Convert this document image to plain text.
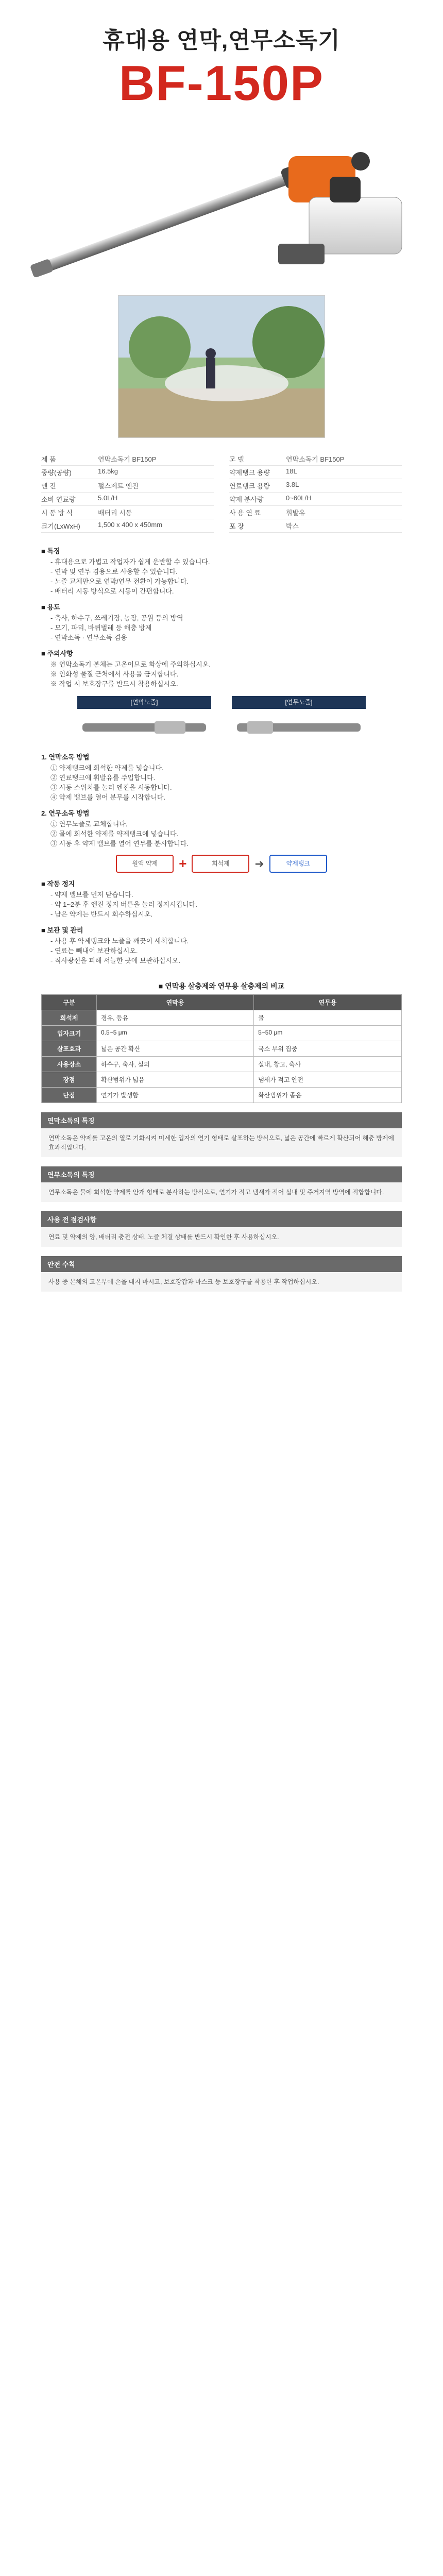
휴대용 연막,연무소독기
BF-150P
제 품	연막소독기 BF150P	모 델	연막소독기 BF150P
중량(공량)	16.5kg	약제탱크 용량	18L
엔 진	펄스제트 엔진	연료탱크 용량	3.8L
소비 연료량	5.0L/H	약제 분사량	0~60L/H
시 동 방 식	배터리 시동	사 용 연 료	휘발유
크기(LxWxH)	1,500 x 400 x 450mm	포 장	박스
■ 특징
- 휴대용으로 가볍고 작업자가 쉽게 운반할 수 있습니다.
- 연막 및 연무 겸용으로 사용할 수 있습니다.
- 노즐 교체만으로 연막/연무 전환이 가능합니다.
- 배터리 시동 방식으로 시동이 간편합니다.
■ 용도
- 축사, 하수구, 쓰레기장, 농장, 공원 등의 방역
- 모기, 파리, 바퀴벌레 등 해충 방제
- 연막소독 · 연무소독 겸용
■ 주의사항
※ 연막소독기 본체는 고온이므로 화상에 주의하십시오.
※ 인화성 물질 근처에서 사용을 금지합니다.
※ 작업 시 보호장구를 반드시 착용하십시오.
[연막노즐]	[연무노즐]
1. 연막소독 방법
① 약제탱크에 희석한 약제를 넣습니다.
② 연료탱크에 휘발유를 주입합니다.
③ 시동 스위치를 눌러 엔진을 시동합니다.
④ 약제 밸브를 열어 분무를 시작합니다.
2. 연무소독 방법
① 연무노즐로 교체합니다.
② 물에 희석한 약제를 약제탱크에 넣습니다.
③ 시동 후 약제 밸브를 열어 연무를 분사합니다.
원액 약제	+	희석제	➜	약제탱크
■ 작동 정지
- 약제 밸브를 먼저 닫습니다.
- 약 1~2분 후 엔진 정지 버튼을 눌러 정지시킵니다.
- 남은 약제는 반드시 회수하십시오.
■ 보관 및 관리
- 사용 후 약제탱크와 노즐을 깨끗이 세척합니다.
- 연료는 빼내어 보관하십시오.
- 직사광선을 피해 서늘한 곳에 보관하십시오.
■ 연막용 살충제와 연무용 살충제의 비교
구분	연막용	연무용
희석제	경유, 등유	물
입자크기	0.5~5 μm	5~50 μm
살포효과	넓은 공간 확산	국소 부위 집중
사용장소	하수구, 축사, 실외	실내, 창고, 축사
장점	확산범위가 넓음	냄새가 적고 안전
단점	연기가 발생함	확산범위가 좁음
연막소독의 특징
연막소독은 약제를 고온의 열로 기화시켜 미세한 입자의 연기 형태로 살포하는 방식으로, 넓은 공간에 빠르게 확산되어 해충 방제에 효과적입니다.
연무소독의 특징
연무소독은 물에 희석한 약제를 안개 형태로 분사하는 방식으로, 연기가 적고 냄새가 적어 실내 및 주거지역 방역에 적합합니다.
사용 전 점검사항
연료 및 약제의 양, 배터리 충전 상태, 노즐 체결 상태를 반드시 확인한 후 사용하십시오.
안전 수칙
사용 중 본체의 고온부에 손을 대지 마시고, 보호장갑과 마스크 등 보호장구를 착용한 후 작업하십시오.
